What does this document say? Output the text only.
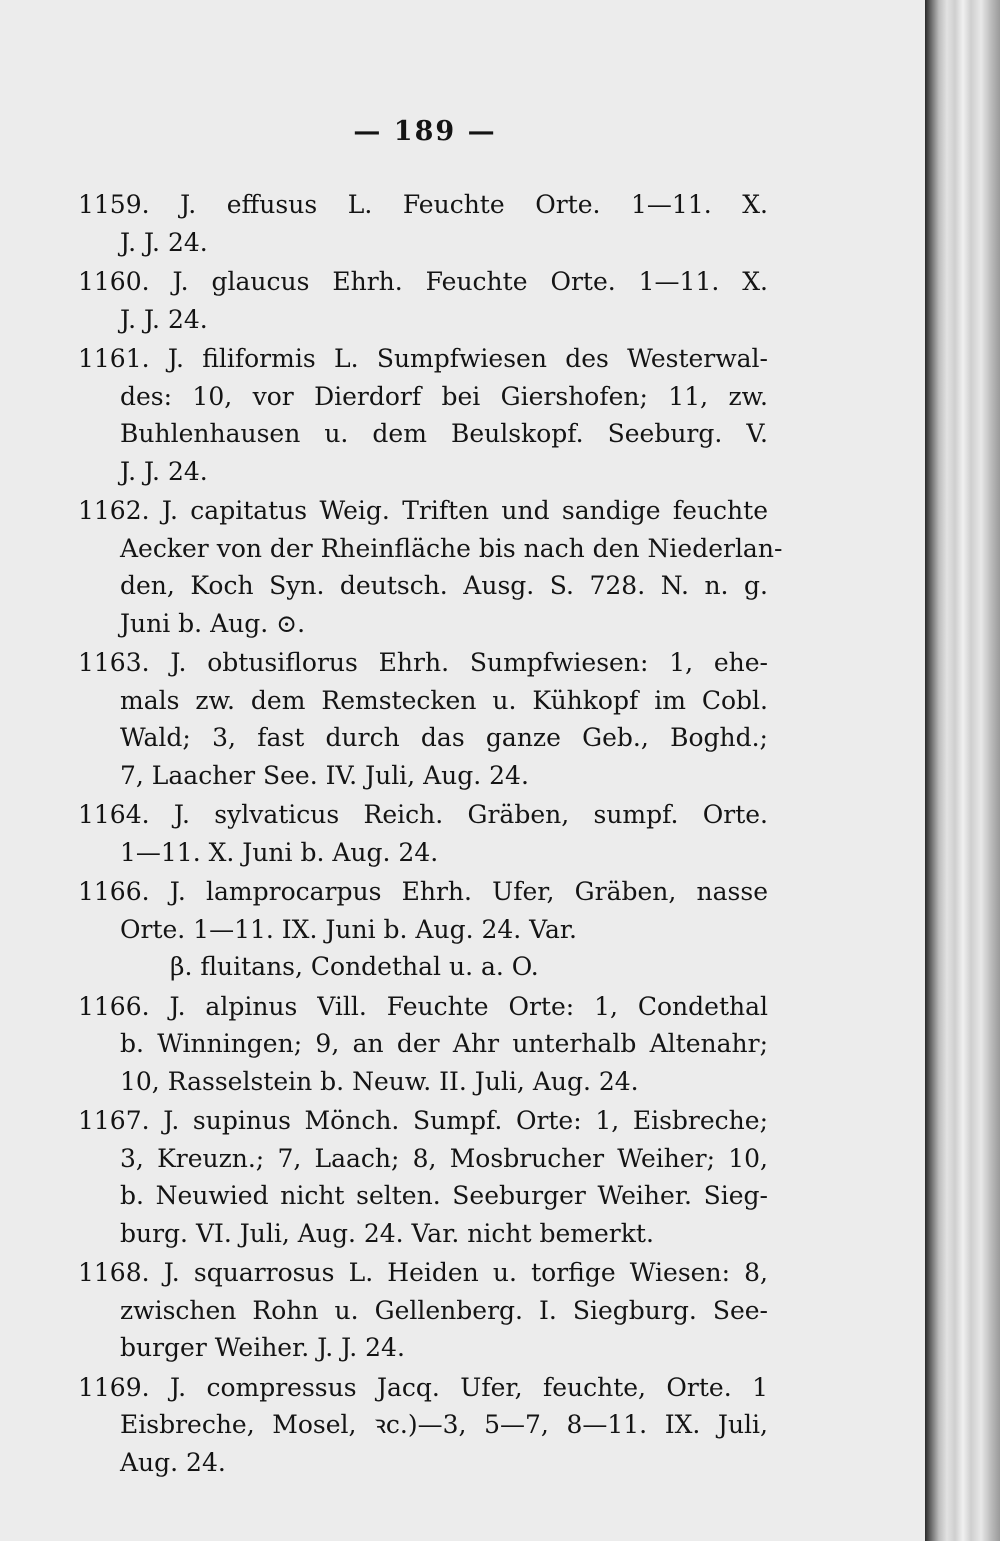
— 189 —
1159. J. effusus L. Feuchte Orte. 1—11. X.
J. J. 2‍4.
1160. J. glaucus Ehrh. Feuchte Orte. 1—11. X.
J. J. 2‍4.
1161. J. filiformis L. Sumpfwiesen des Westerwal-
des: 10, vor Dierdorf bei Giershofen; 11, zw.
Buhlenhausen u. dem Beulskopf. Seeburg. V.
J. J. 2‍4.
1162. J. capitatus Weig. Triften und sandige feuchte
Aecker von der Rheinfläche bis nach den Niederlan-
den, Koch Syn. deutsch. Ausg. S. 728. N. n. g.
Juni b. Aug. ⊙.
1163. J. obtusiflorus Ehrh. Sumpfwiesen: 1, ehe-
mals zw. dem Remstecken u. Kühkopf im Cobl.
Wald; 3, fast durch das ganze Geb., Boghd.;
7, Laacher See. IV. Juli, Aug. 2‍4.
1164. J. sylvaticus Reich. Gräben, sumpf. Orte.
1—11. X. Juni b. Aug. 2‍4.
1166. J. lamprocarpus Ehrh. Ufer, Gräben, nasse
Orte. 1—11. IX. Juni b. Aug. 2‍4. Var.
β. fluitans, Condethal u. a. O.
1166. J. alpinus Vill. Feuchte Orte: 1, Condethal
b. Winningen; 9, an der Ahr unterhalb Altenahr;
10, Rasselstein b. Neuw. II. Juli, Aug. 2‍4.
1167. J. supinus Mönch. Sumpf. Orte: 1, Eisbreche;
3, Kreuzn.; 7, Laach; 8, Mosbrucher Weiher; 10,
b. Neuwied nicht selten. Seeburger Weiher. Sieg-
burg. VI. Juli, Aug. 2‍4. Var. nicht bemerkt.
1168. J. squarrosus L. Heiden u. torfige Wiesen: 8,
zwischen Rohn u. Gellenberg. I. Siegburg. See-
burger Weiher. J. J. 2‍4.
1169. J. compressus Jacq. Ufer, feuchte, Orte. 1
Eisbreche, Mosel, ꝛc.)—3, 5—7, 8—11. IX. Juli,
Aug. 2‍4.
